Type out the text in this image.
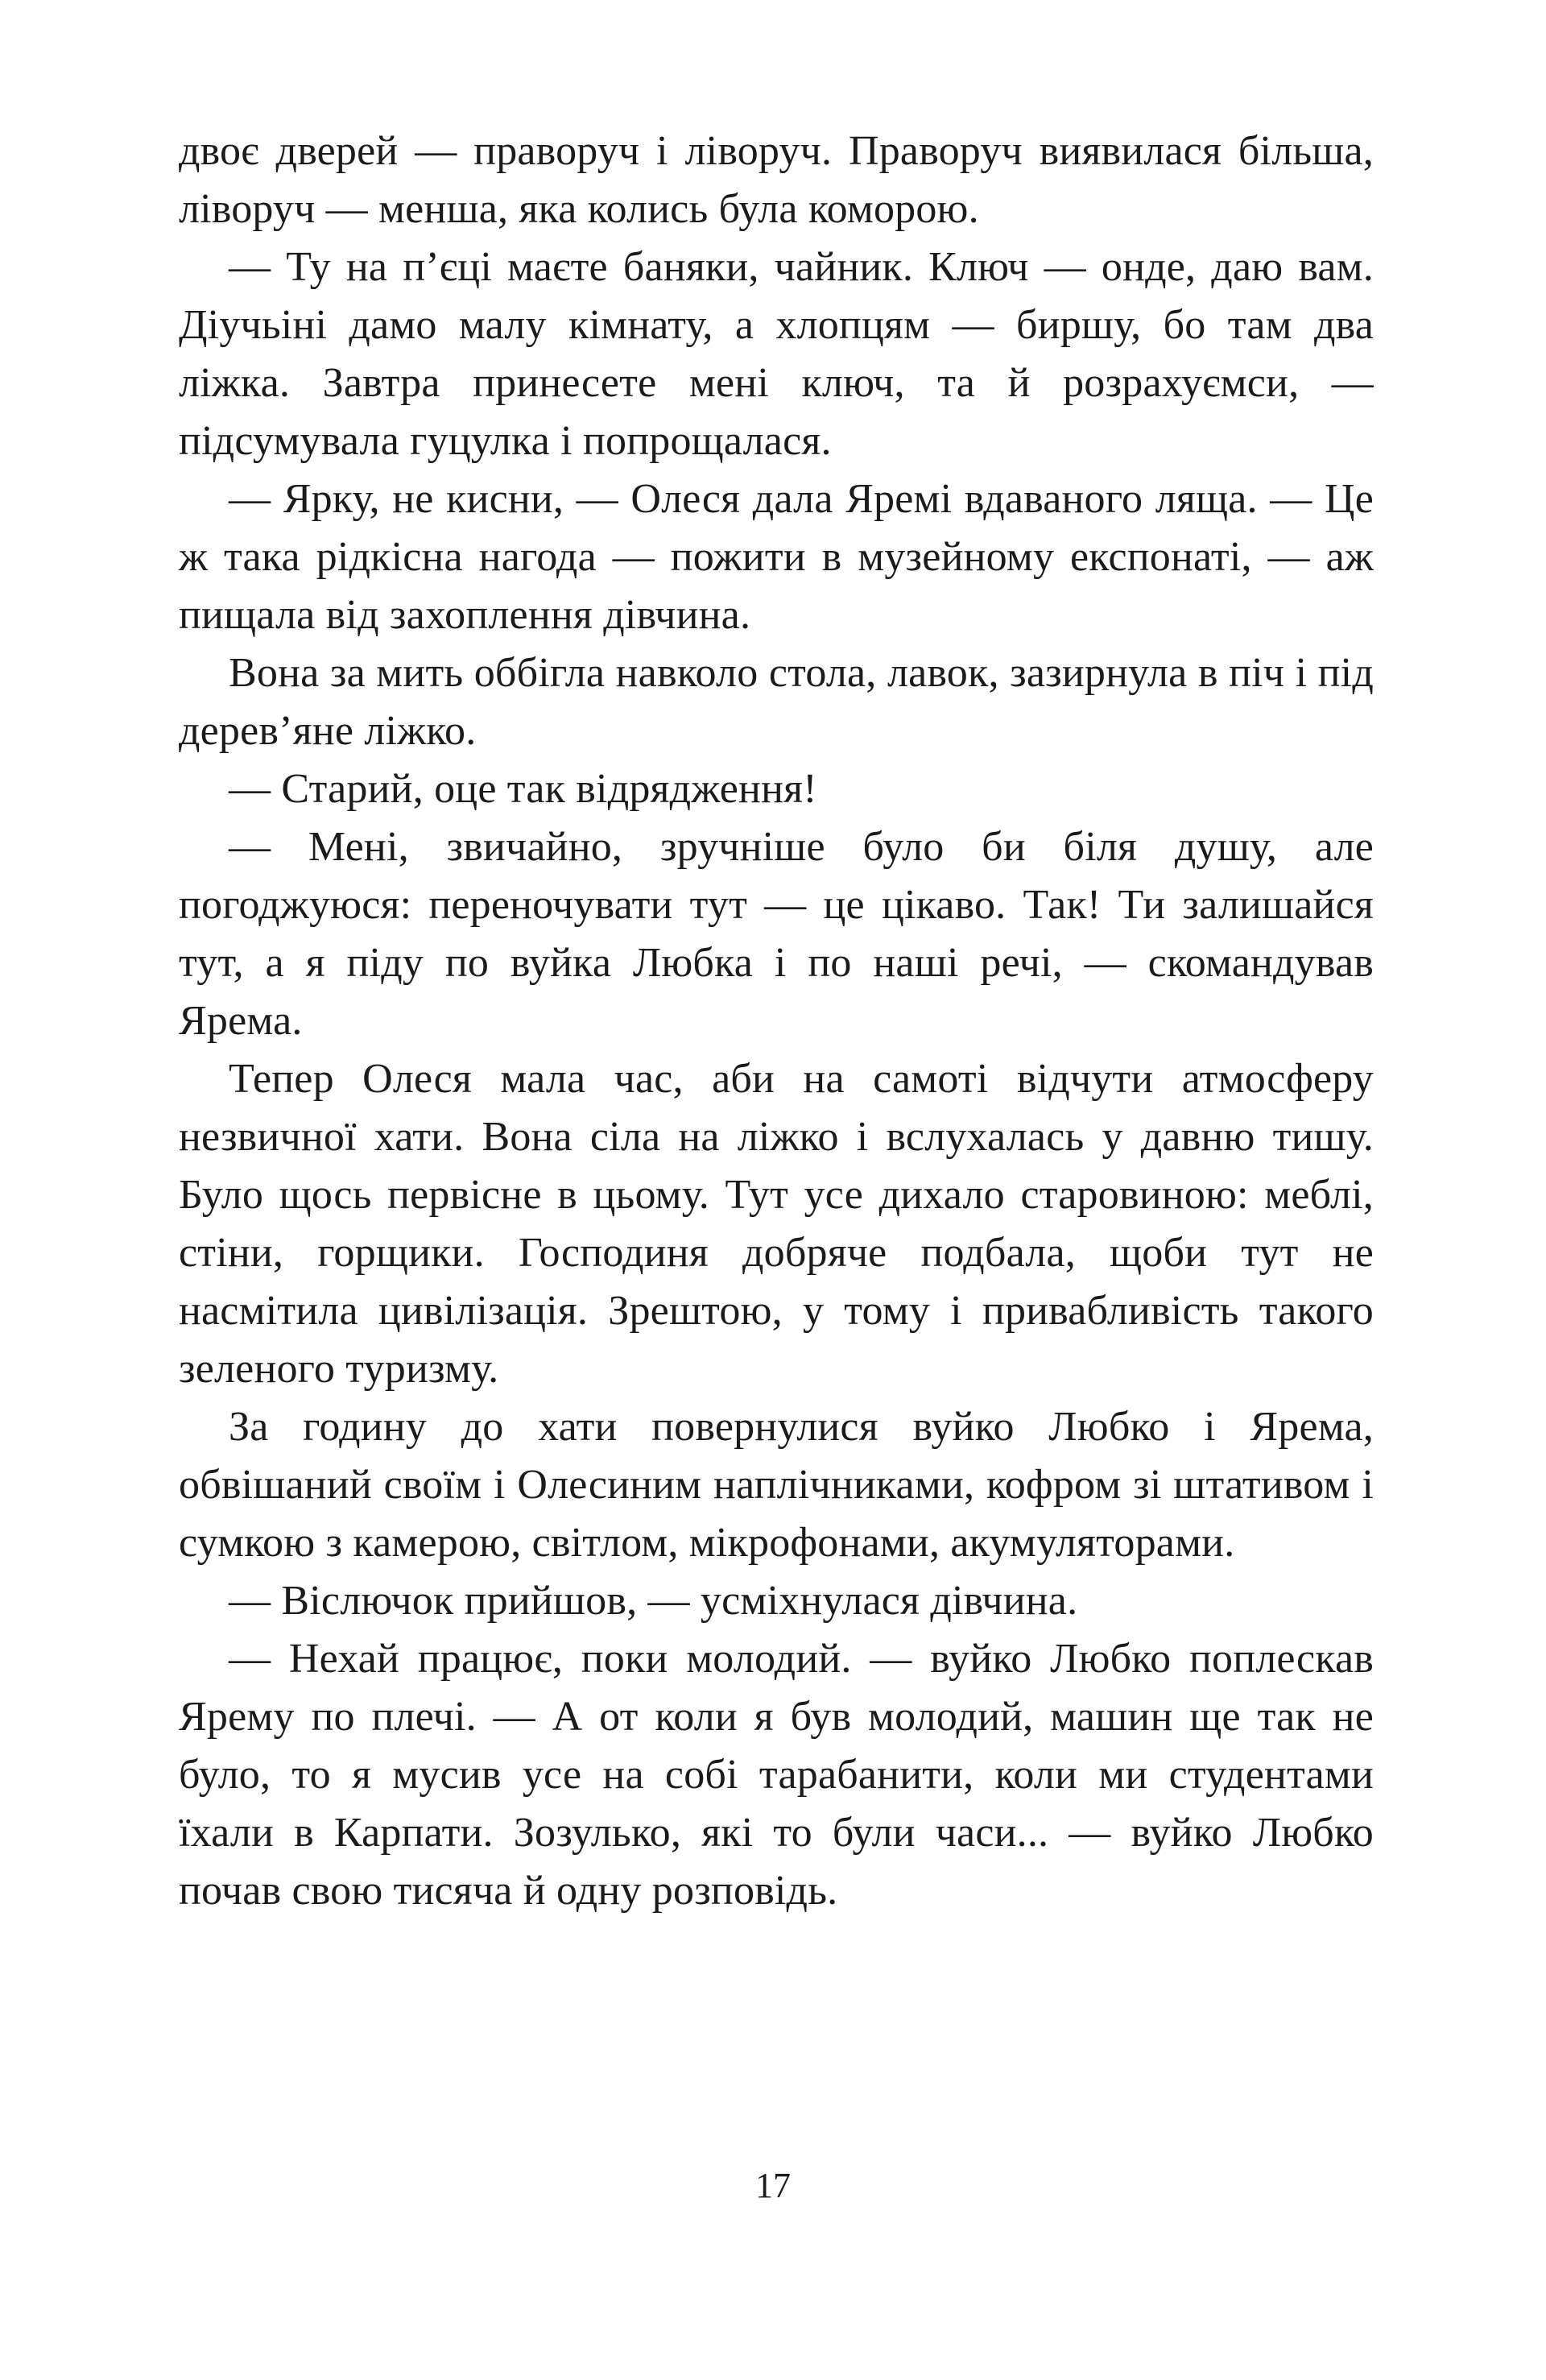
двоє дверей — праворуч і ліворуч. Праворуч виявилася більша, ліворуч — менша, яка колись була коморою.

— Ту на п’єці маєте баняки, чайник. Ключ — онде, даю вам. Діучьіні дамо малу кімнату, а хлопцям — биршу, бо там два ліжка. Завтра принесете мені ключ, та й розрахуємси, — підсумувала гуцулка і попрощалася.

— Ярку, не кисни, — Олеся дала Яремі вдаваного ляща. — Це ж така рідкісна нагода — пожити в музейному експонаті, — аж пищала від захоплення дівчина.

Вона за мить оббігла навколо стола, лавок, зазирнула в піч і під дерев’яне ліжко.

— Старий, оце так відрядження!

— Мені, звичайно, зручніше було би біля душу, але погоджуюся: переночувати тут — це цікаво. Так! Ти залишайся тут, а я піду по вуйка Любка і по наші речі, — скомандував Ярема.

Тепер Олеся мала час, аби на самоті відчути атмосферу незвичної хати. Вона сіла на ліжко і вслухалась у давню тишу. Було щось первісне в цьому. Тут усе дихало старовиною: меблі, стіни, горщики. Господиня добряче подбала, щоби тут не насмітила цивілізація. Зрештою, у тому і привабливість такого зеленого туризму.

За годину до хати повернулися вуйко Любко і Ярема, обвішаний своїм і Олесиним наплічниками, кофром зі штативом і сумкою з камерою, світлом, мікрофонами, акумуляторами.

— Віслючок прийшов, — усміхнулася дівчина.

— Нехай працює, поки молодий. — вуйко Любко поплескав Ярему по плечі. — А от коли я був молодий, машин ще так не було, то я мусив усе на собі тарабанити, коли ми студентами їхали в Карпати. Зозулько, які то були часи... — вуйко Любко почав свою тисяча й одну розповідь.

17
